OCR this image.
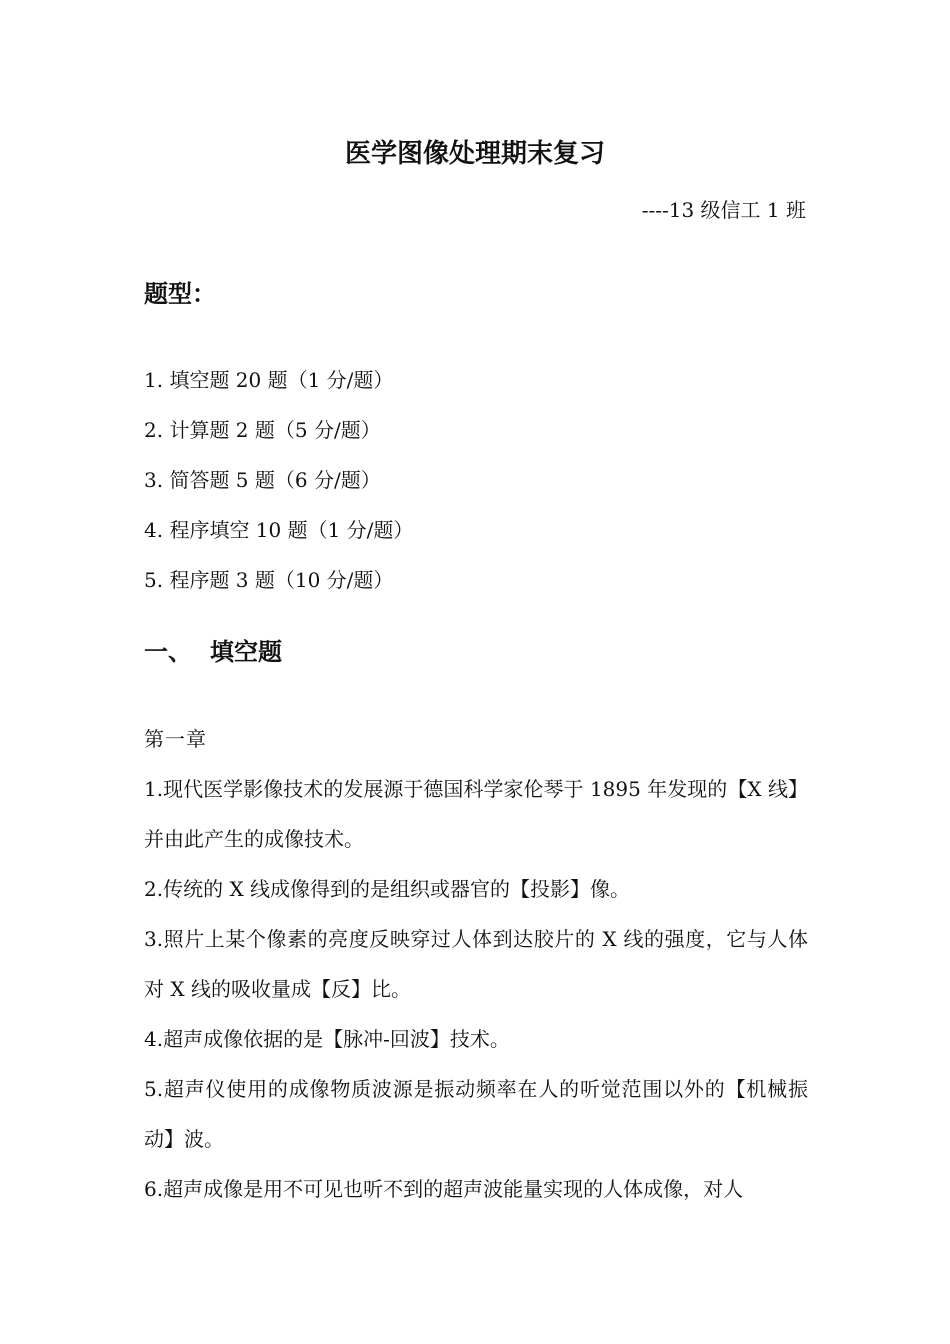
医学图像处理期末复习
----13 级信工 1 班
题型：
1. 填空题 20 题（1 分/题）
2. 计算题 2 题（5 分/题）
3. 简答题 5 题（6 分/题）
4. 程序填空 10 题（1 分/题）
5. 程序题 3 题（10 分/题）
一、 填空题

第一章

1.现代医学影像技术的发展源于德国科学家伦琴于 1895 年发现的【X 线】并由此产生的成像技术。

2.传统的 X 线成像得到的是组织或器官的【投影】像。

3.照片上某个像素的亮度反映穿过人体到达胶片的 X 线的强度，它与人体对 X 线的吸收量成【反】比。

4.超声成像依据的是【脉冲-回波】技术。

5.超声仪使用的成像物质波源是振动频率在人的听觉范围以外的【机械振动】波。

6.超声成像是用不可见也听不到的超声波能量实现的人体成像，对人
